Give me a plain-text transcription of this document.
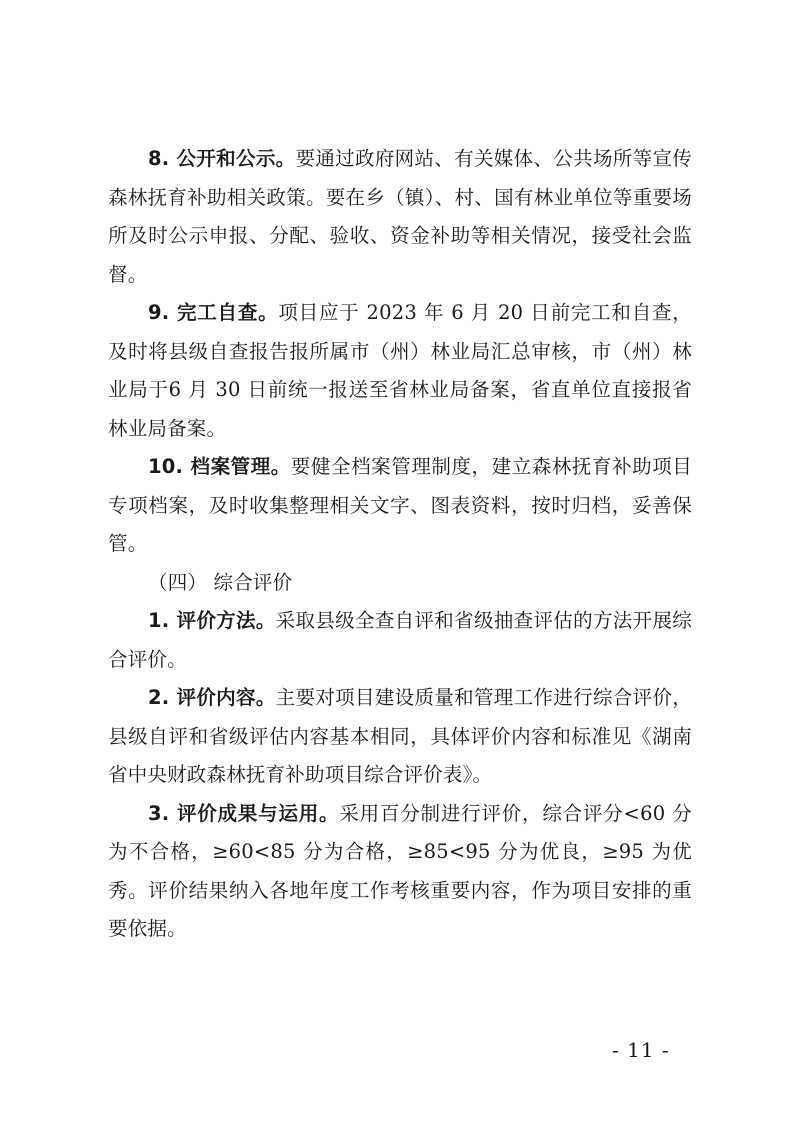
8. 公开和公示。要通过政府网站、有关媒体、公共场所等宣传森林抚育补助相关政策。要在乡（镇）、村、国有林业单位等重要场所及时公示申报、分配、验收、资金补助等相关情况，接受社会监督。

9. 完工自查。项目应于 2023 年 6 月 20 日前完工和自查，及时将县级自查报告报所属市（州）林业局汇总审核，市（州）林业局于6 月 30 日前统一报送至省林业局备案，省直单位直接报省林业局备案。

10. 档案管理。要健全档案管理制度，建立森林抚育补助项目专项档案，及时收集整理相关文字、图表资料，按时归档，妥善保管。

（四） 综合评价

1. 评价方法。采取县级全查自评和省级抽查评估的方法开展综合评价。

2. 评价内容。主要对项目建设质量和管理工作进行综合评价，县级自评和省级评估内容基本相同，具体评价内容和标准见《湖南省中央财政森林抚育补助项目综合评价表》。

3. 评价成果与运用。采用百分制进行评价，综合评分<60 分为不合格，≥60<85 分为合格，≥85<95 分为优良，≥95 为优秀。评价结果纳入各地年度工作考核重要内容，作为项目安排的重要依据。

- 11 -
